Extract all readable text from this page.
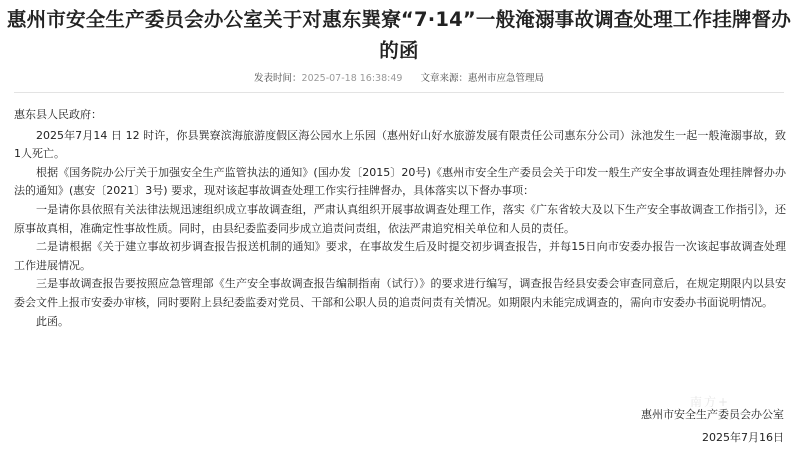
惠州市安全生产委员会办公室关于对惠东巽寮“7·14”一般淹溺事故调查处理工作挂牌督办的函
发表时间：2025-07-18 16:38:49 文章来源：惠州市应急管理局

惠东县人民政府：

2025年7月14 日 12 时许，你县巽寮滨海旅游度假区海公园水上乐园（惠州好山好水旅游发展有限责任公司惠东分公司）泳池发生一起一般淹溺事故，致1人死亡。

根据《国务院办公厅关于加强安全生产监管执法的通知》(国办发〔2015〕20号)《惠州市安全生产委员会关于印发一般生产安全事故调查处理挂牌督办办法的通知》(惠安〔2021〕3号) 要求，现对该起事故调查处理工作实行挂牌督办，具体落实以下督办事项：

一是请你县依照有关法律法规迅速组织成立事故调查组，严肃认真组织开展事故调查处理工作，落实《广东省较大及以下生产安全事故调查工作指引》，还原事故真相，准确定性事故性质。同时，由县纪委监委同步成立追责问责组，依法严肃追究相关单位和人员的责任。

二是请根据《关于建立事故初步调查报告报送机制的通知》要求，在事故发生后及时提交初步调查报告，并每15日向市安委办报告一次该起事故调查处理工作进展情况。

三是事故调查报告要按照应急管理部《生产安全事故调查报告编制指南（试行）》的要求进行编写，调查报告经县安委会审查同意后，在规定期限内以县安委会文件上报市安委办审核，同时要附上县纪委监委对党员、干部和公职人员的追责问责有关情况。如期限内未能完成调查的，需向市安委办书面说明情况。

此函。

惠州市安全生产委员会办公室
2025年7月16日
南方+
